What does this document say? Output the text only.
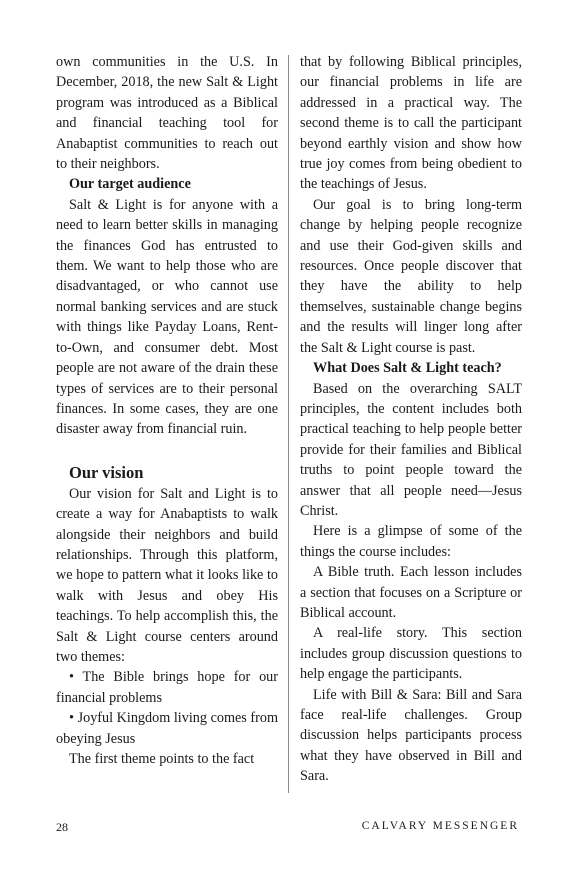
own communities in the U.S. In December, 2018, the new Salt & Light program was introduced as a Biblical and financial teaching tool for Anabaptist communities to reach out to their neighbors.

Our target audience

Salt & Light is for anyone with a need to learn better skills in managing the finances God has entrusted to them. We want to help those who are disadvantaged, or who cannot use normal banking services and are stuck with things like Payday Loans, Rent-to-Own, and consumer debt. Most people are not aware of the drain these types of services are to their personal finances. In some cases, they are one disaster away from financial ruin.

Our vision

Our vision for Salt and Light is to create a way for Anabaptists to walk alongside their neighbors and build relationships. Through this platform, we hope to pattern what it looks like to walk with Jesus and obey His teachings. To help accomplish this, the Salt & Light course centers around two themes:

• The Bible brings hope for our financial problems

• Joyful Kingdom living comes from obeying Jesus

The first theme points to the fact

that by following Biblical principles, our financial problems in life are addressed in a practical way. The second theme is to call the participant beyond earthly vision and show how true joy comes from being obedient to the teachings of Jesus.

Our goal is to bring long-term change by helping people recognize and use their God-given skills and resources. Once people discover that they have the ability to help themselves, sustainable change begins and the results will linger long after the Salt & Light course is past.

What Does Salt & Light teach?

Based on the overarching SALT principles, the content includes both practical teaching to help people better provide for their families and Biblical truths to point people toward the answer that all people need—Jesus Christ.

Here is a glimpse of some of the things the course includes:

A Bible truth. Each lesson includes a section that focuses on a Scripture or Biblical account.

A real-life story. This section includes group discussion questions to help engage the participants.

Life with Bill & Sara: Bill and Sara face real-life challenges. Group discussion helps participants process what they have observed in Bill and Sara.

28	CALVARY MESSENGER
